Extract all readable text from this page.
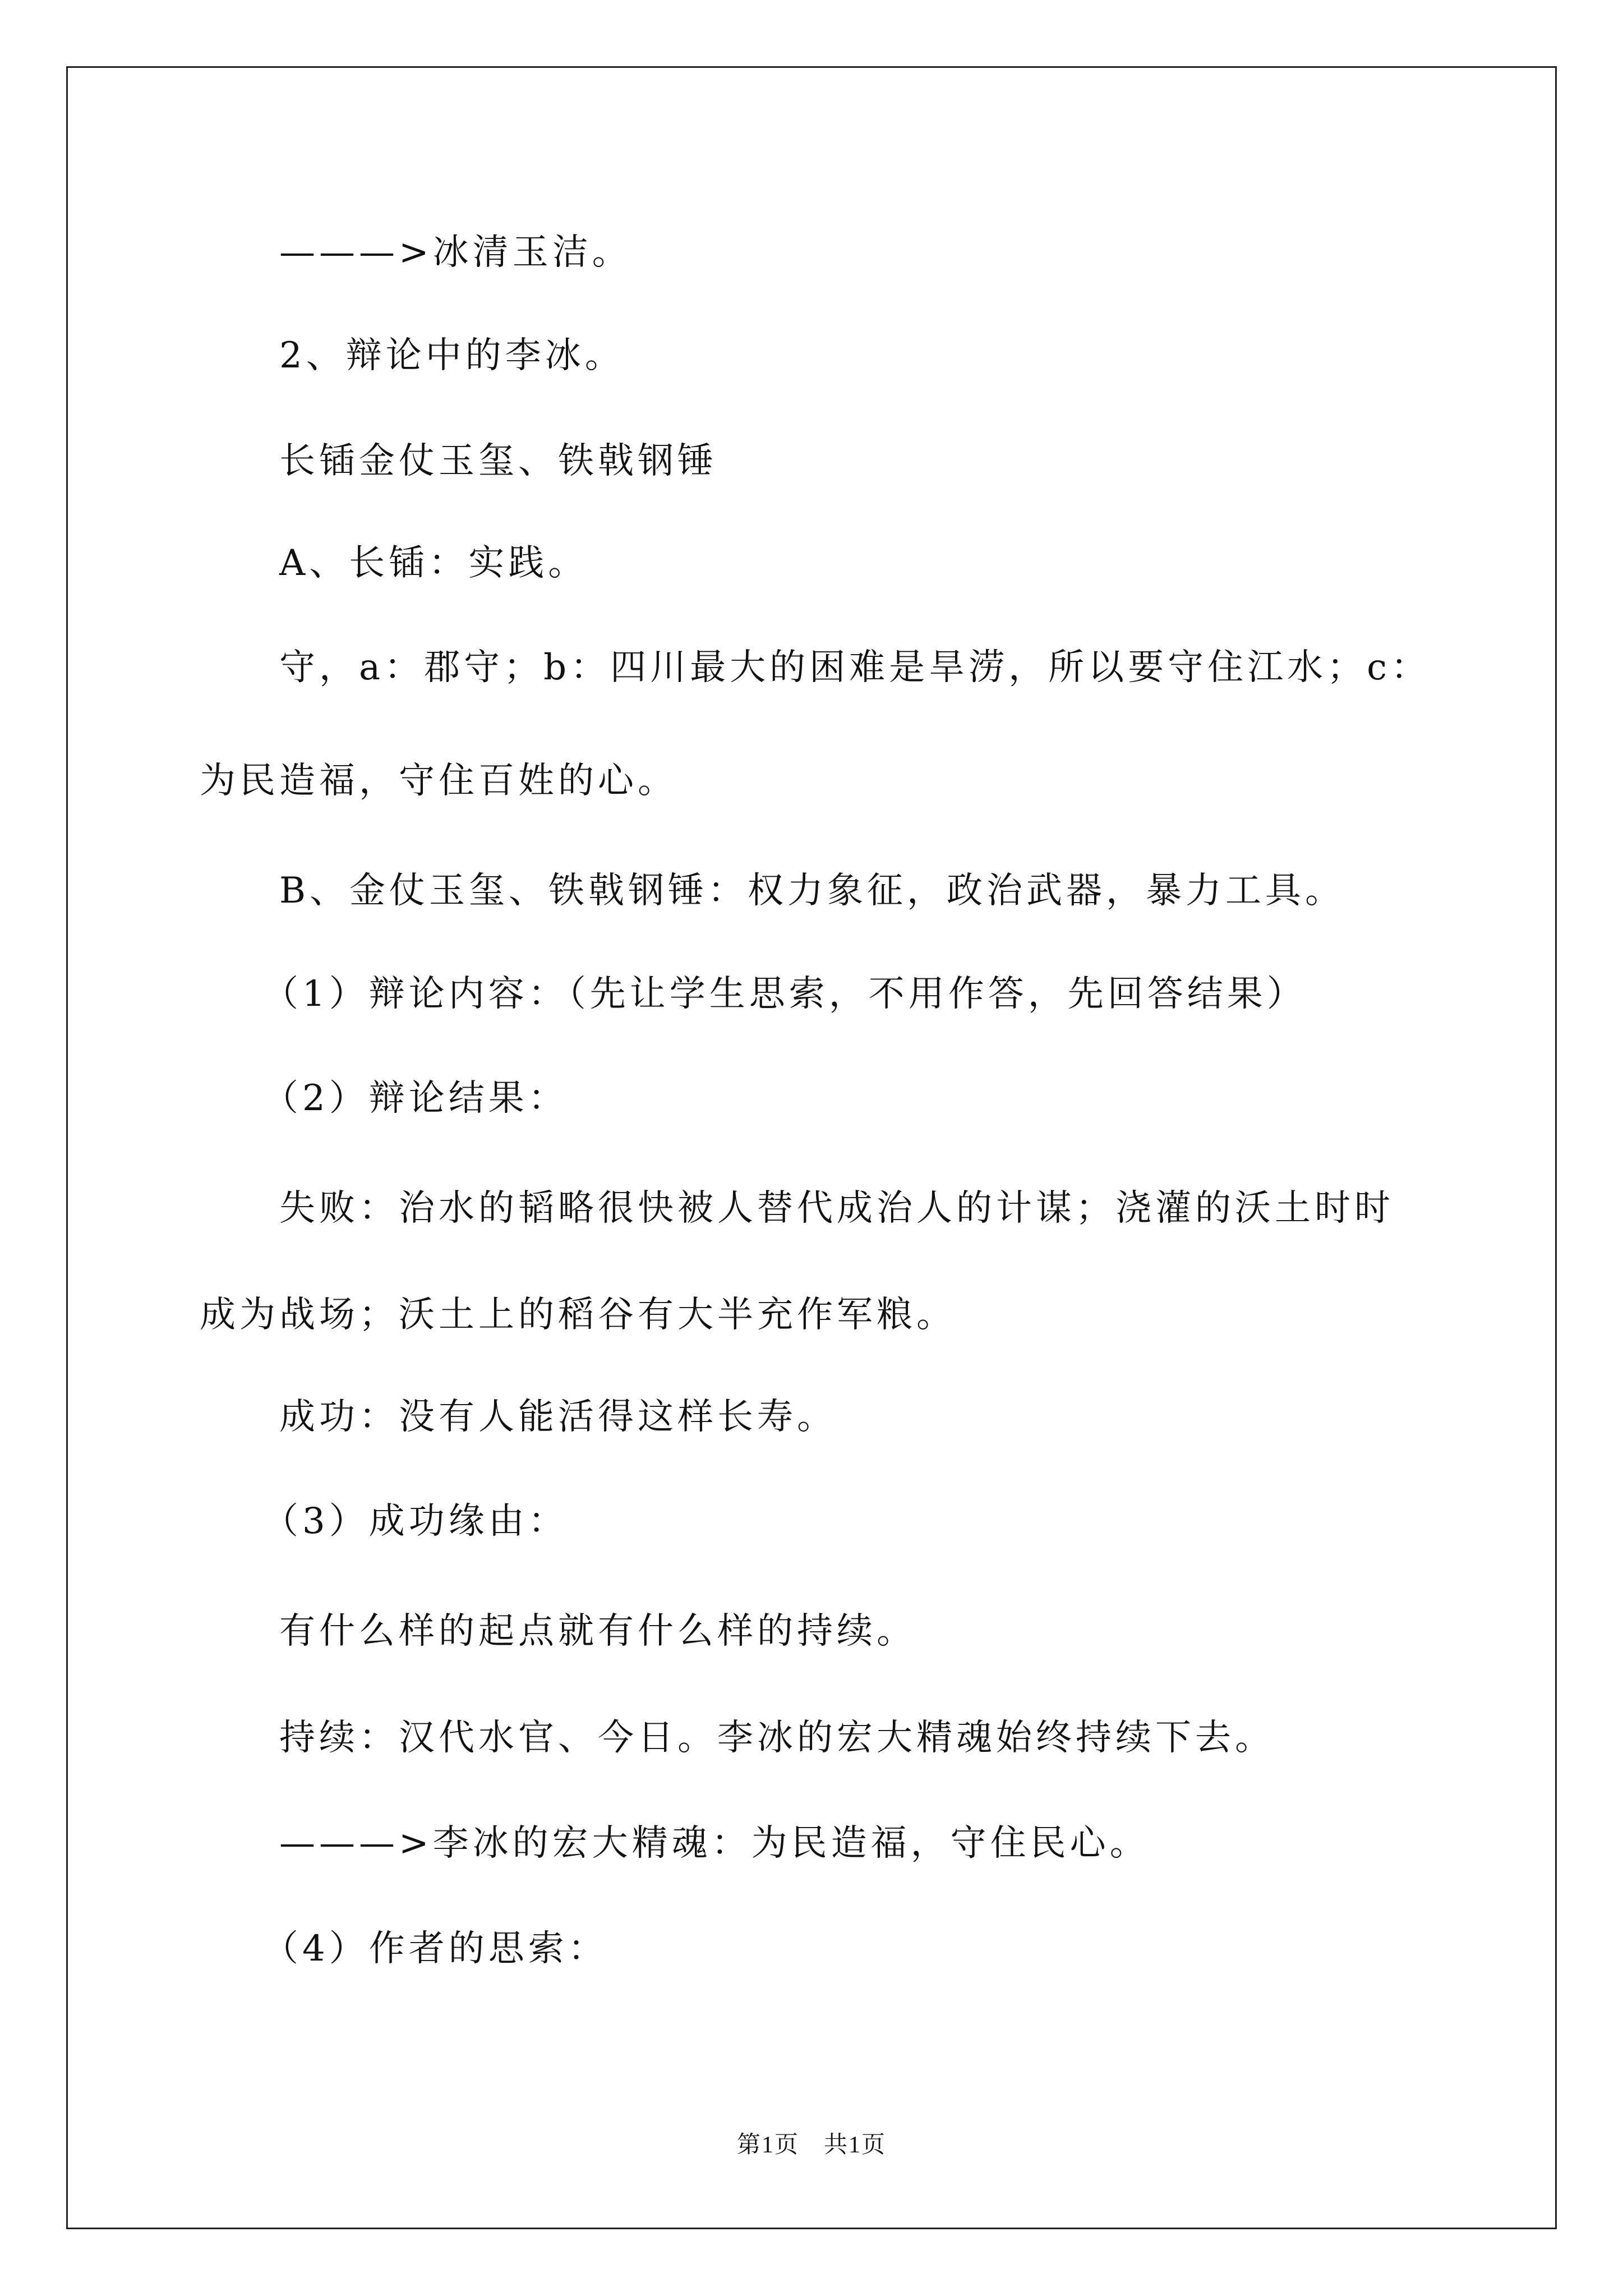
———>冰清玉洁。
2、辩论中的李冰。
长锸金仗玉玺、铁戟钢锤
A、长锸：实践。
守，a：郡守；b：四川最大的困难是旱涝，所以要守住江水；c：
为民造福，守住百姓的心。
B、金仗玉玺、铁戟钢锤：权力象征，政治武器，暴力工具。
（1）辩论内容：（先让学生思索，不用作答，先回答结果）
（2）辩论结果：
失败：治水的韬略很快被人替代成治人的计谋；浇灌的沃土时时
成为战场；沃土上的稻谷有大半充作军粮。
成功：没有人能活得这样长寿。
（3）成功缘由：
有什么样的起点就有什么样的持续。
持续：汉代水官、今日。李冰的宏大精魂始终持续下去。
———>李冰的宏大精魂：为民造福，守住民心。
（4）作者的思索：
第1页　共1页
